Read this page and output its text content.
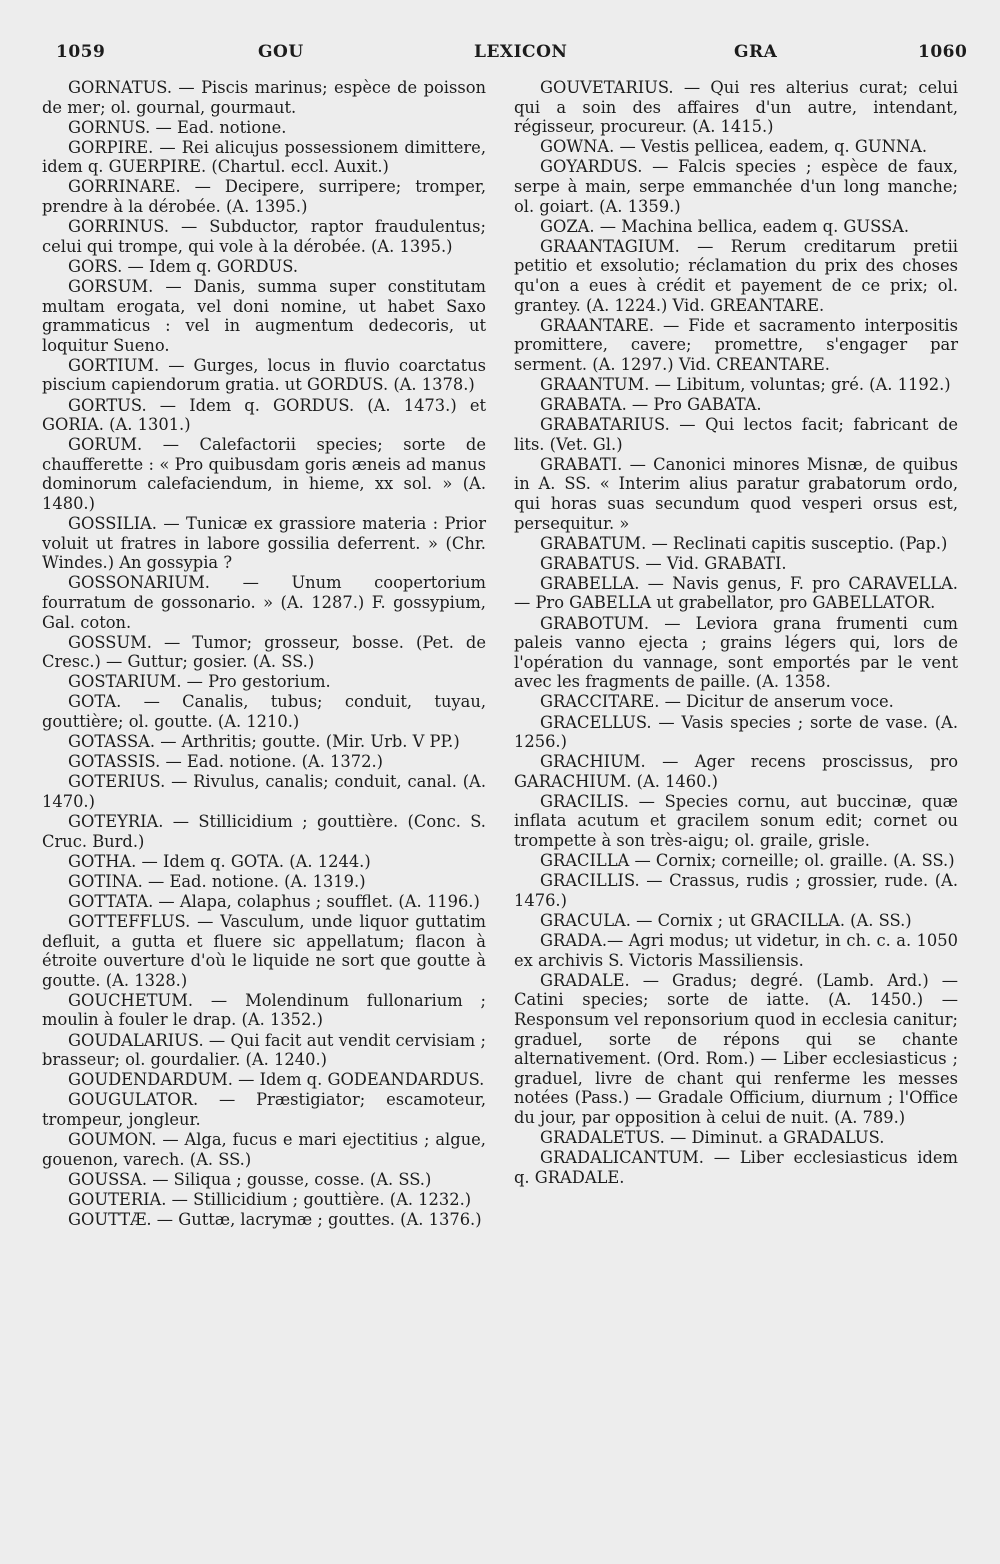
1059	GOU	LEXICON	GRA	1060

GORNATUS. — Piscis marinus; espèce de poisson de mer; ol. gournal, gourmaut.

GORNUS. — Ead. notione.

GORPIRE. — Rei alicujus possessionem dimittere, idem q. GUERPIRE. (Chartul. eccl. Auxit.)

GORRINARE. — Decipere, surripere; tromper, prendre à la dérobée. (A. 1395.)

GORRINUS. — Subductor, raptor fraudulentus; celui qui trompe, qui vole à la dérobée. (A. 1395.)

GORS. — Idem q. GORDUS.

GORSUM. — Danis, summa super constitutam multam erogata, vel doni nomine, ut habet Saxo grammaticus : vel in augmentum dedecoris, ut loquitur Sueno.

GORTIUM. — Gurges, locus in fluvio coarctatus piscium capiendorum gratia. ut GORDUS. (A. 1378.)

GORTUS. — Idem q. GORDUS. (A. 1473.) et GORIA. (A. 1301.)

GORUM. — Calefactorii species; sorte de chaufferette : « Pro quibusdam goris æneis ad manus dominorum calefaciendum, in hieme, xx sol. » (A. 1480.)

GOSSILIA. — Tunicæ ex grassiore materia : Prior voluit ut fratres in labore gossilia deferrent. » (Chr. Windes.) An gossypia ?

GOSSONARIUM. — Unum coopertorium fourratum de gossonario. » (A. 1287.) F. gossypium, Gal. coton.

GOSSUM. — Tumor; grosseur, bosse. (Pet. de Cresc.) — Guttur; gosier. (A. SS.)

GOSTARIUM. — Pro gestorium.

GOTA. — Canalis, tubus; conduit, tuyau, gouttière; ol. goutte. (A. 1210.)

GOTASSA. — Arthritis; goutte. (Mir. Urb. V PP.)

GOTASSIS. — Ead. notione. (A. 1372.)

GOTERIUS. — Rivulus, canalis; conduit, canal. (A. 1470.)

GOTEYRIA. — Stillicidium ; gouttière. (Conc. S. Cruc. Burd.)

GOTHA. — Idem q. GOTA. (A. 1244.)

GOTINA. — Ead. notione. (A. 1319.)

GOTTATA. — Alapa, colaphus ; soufflet. (A. 1196.)

GOTTEFFLUS. — Vasculum, unde liquor guttatim defluit, a gutta et fluere sic appellatum; flacon à étroite ouverture d'où le liquide ne sort que goutte à goutte. (A. 1328.)

GOUCHETUM. — Molendinum fullonarium ; moulin à fouler le drap. (A. 1352.)

GOUDALARIUS. — Qui facit aut vendit cervisiam ; brasseur; ol. gourdalier. (A. 1240.)

GOUDENDARDUM. — Idem q. GODEANDARDUS.

GOUGULATOR. — Præstigiator; escamoteur, trompeur, jongleur.

GOUMON. — Alga, fucus e mari ejectitius ; algue, gouenon, varech. (A. SS.)

GOUSSA. — Siliqua ; gousse, cosse. (A. SS.)

GOUTERIA. — Stillicidium ; gouttière. (A. 1232.)

GOUTTÆ. — Guttæ, lacrymæ ; gouttes. (A. 1376.)

GOUVETARIUS. — Qui res alterius curat; celui qui a soin des affaires d'un autre, intendant, régisseur, procureur. (A. 1415.)

GOWNA. — Vestis pellicea, eadem, q. GUNNA.

GOYARDUS. — Falcis species ; espèce de faux, serpe à main, serpe emmanchée d'un long manche; ol. goiart. (A. 1359.)

GOZA. — Machina bellica, eadem q. GUSSA.

GRAANTAGIUM. — Rerum creditarum pretii petitio et exsolutio; réclamation du prix des choses qu'on a eues à crédit et payement de ce prix; ol. grantey. (A. 1224.) Vid. GREANTARE.

GRAANTARE. — Fide et sacramento interpositis promittere, cavere; promettre, s'engager par serment. (A. 1297.) Vid. CREANTARE.

GRAANTUM. — Libitum, voluntas; gré. (A. 1192.)

GRABATA. — Pro GABATA.

GRABATARIUS. — Qui lectos facit; fabricant de lits. (Vet. Gl.)

GRABATI. — Canonici minores Misnæ, de quibus in A. SS. « Interim alius paratur grabatorum ordo, qui horas suas secundum quod vesperi orsus est, persequitur. »

GRABATUM. — Reclinati capitis susceptio. (Pap.)

GRABATUS. — Vid. GRABATI.

GRABELLA. — Navis genus, F. pro CARAVELLA. — Pro GABELLA ut grabellator, pro GABELLATOR.

GRABOTUM. — Leviora grana frumenti cum paleis vanno ejecta ; grains légers qui, lors de l'opération du vannage, sont emportés par le vent avec les fragments de paille. (A. 1358.

GRACCITARE. — Dicitur de anserum voce.

GRACELLUS. — Vasis species ; sorte de vase. (A. 1256.)

GRACHIUM. — Ager recens proscissus, pro GARACHIUM. (A. 1460.)

GRACILIS. — Species cornu, aut buccinæ, quæ inflata acutum et gracilem sonum edit; cornet ou trompette à son très-aigu; ol. graile, grisle.

GRACILLA — Cornix; corneille; ol. graille. (A. SS.)

GRACILLIS. — Crassus, rudis ; grossier, rude. (A. 1476.)

GRACULA. — Cornix ; ut GRACILLA. (A. SS.)

GRADA.— Agri modus; ut videtur, in ch. c. a. 1050 ex archivis S. Victoris Massiliensis.

GRADALE. — Gradus; degré. (Lamb. Ard.) — Catini species; sorte de iatte. (A. 1450.) — Responsum vel reponsorium quod in ecclesia canitur; graduel, sorte de répons qui se chante alternativement. (Ord. Rom.) — Liber ecclesiasticus ; graduel, livre de chant qui renferme les messes notées (Pass.) — Gradale Officium, diurnum ; l'Office du jour, par opposition à celui de nuit. (A. 789.)

GRADALETUS. — Diminut. a GRADALUS.

GRADALICANTUM. — Liber ecclesiasticus idem q. GRADALE.
